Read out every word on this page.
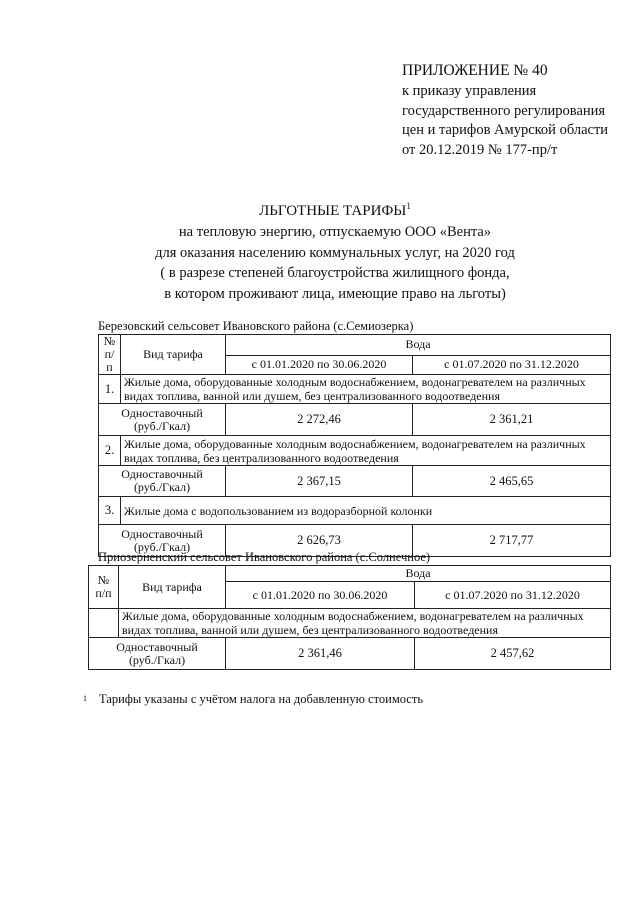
ПРИЛОЖЕНИЕ № 40
к приказу управления
государственного регулирования
цен и тарифов Амурской области
от 20.12.2019 № 177-пр/т
ЛЬГОТНЫЕ ТАРИФЫ$^1$
на тепловую энергию, отпускаемую ООО «Вента»
для оказания населению коммунальных услуг, на 2020 год
( в разрезе степеней благоустройства жилищного фонда,
в котором проживают лица, имеющие право на льготы)
Березовский сельсовет Ивановского района (с.Семиозерка)
№ п/п	Вид тарифа	Вода	
		с 01.01.2020 по 30.06.2020	с 01.07.2020 по 31.12.2020
1.	Жилые дома, оборудованные холодным водоснабжением, водонагревателем на различных видах топлива, ванной или душем, без централизованного водоотведения		

Одноставочный
(руб./Гкал)		2 272,46	2 361,21
2.	Жилые дома, оборудованные холодным водоснабжением, водонагревателем на различных видах топлива, без централизованного водоотведения		

Одноставочный
(руб./Гкал)		2 367,15	2 465,65
3.	Жилые дома с водопользованием из водоразборной колонки		

Одноставочный
(руб./Гкал)		2 626,73	2 717,77
Приозерненский сельсовет Ивановского района (с.Солнечное)
№ п/п	Вид тарифа	Вода	
		с 01.01.2020 по 30.06.2020	с 01.07.2020 по 31.12.2020
	Жилые дома, оборудованные холодным водоснабжением, водонагревателем на различных видах топлива, ванной или душем, без централизованного водоотведения		

Одноставочный
(руб./Гкал)		2 361,46	2 457,62
$^1$ Тарифы указаны с учётом налога на добавленную стоимость
